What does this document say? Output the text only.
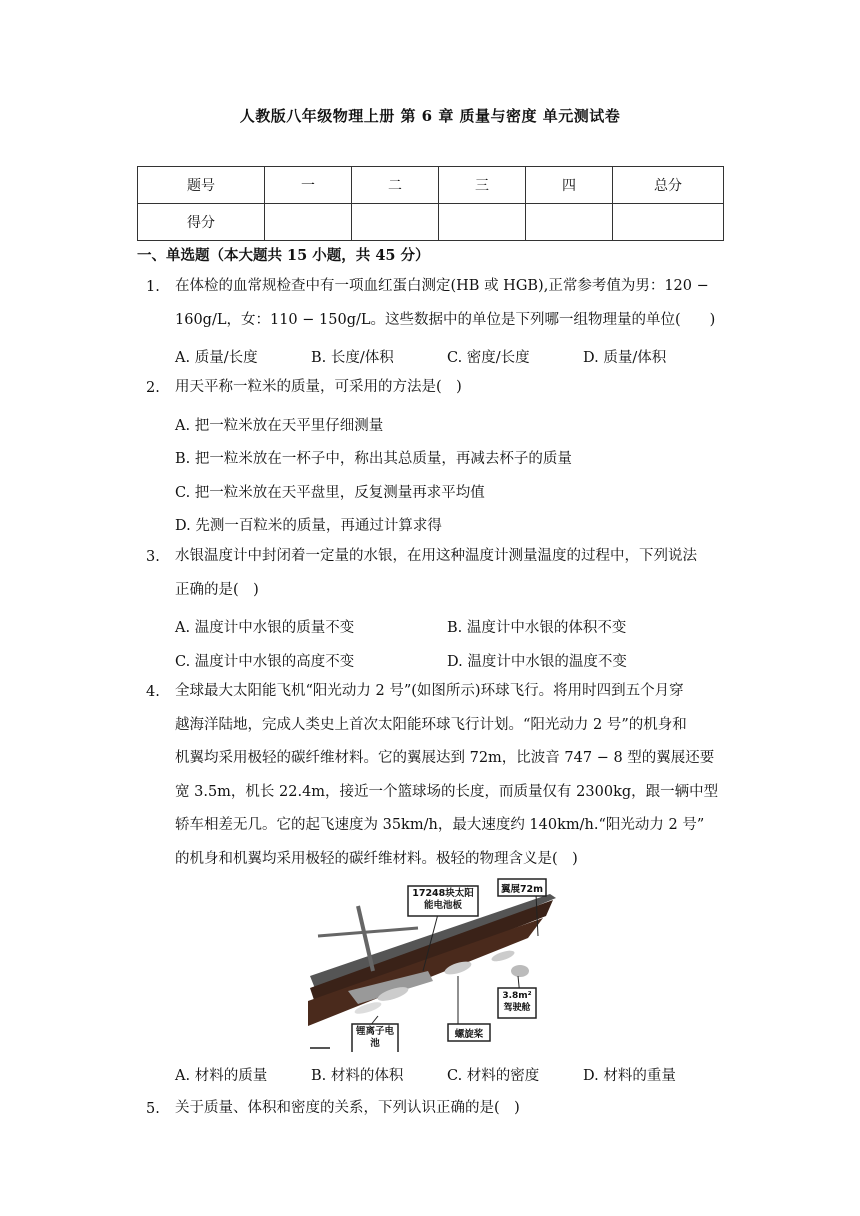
人教版八年级物理上册 第 6 章 质量与密度 单元测试卷
题号	一	二	三	四	总分
得分					
一、单选题（本大题共 15 小题，共 45 分）
1. 在体检的血常规检查中有一项血红蛋白测定(HB 或 HGB),正常参考值为男：120 −
160g/L，女：110 − 150g/L。这些数据中的单位是下列哪一组物理量的单位(　　)
A. 质量/长度	B. 长度/体积	C. 密度/长度	D. 质量/体积
2. 用天平称一粒米的质量，可采用的方法是(　)
A. 把一粒米放在天平里仔细测量
B. 把一粒米放在一杯子中，称出其总质量，再减去杯子的质量
C. 把一粒米放在天平盘里，反复测量再求平均值
D. 先测一百粒米的质量，再通过计算求得
3. 水银温度计中封闭着一定量的水银，在用这种温度计测量温度的过程中，下列说法
正确的是(　)
A. 温度计中水银的质量不变	B. 温度计中水银的体积不变
C. 温度计中水银的高度不变	D. 温度计中水银的温度不变
4. 全球最大太阳能飞机“阳光动力 2 号”(如图所示)环球飞行。将用时四到五个月穿
越海洋陆地，完成人类史上首次太阳能环球飞行计划。“阳光动力 2 号”的机身和
机翼均采用极轻的碳纤维材料。它的翼展达到 72m，比波音 747 − 8 型的翼展还要
宽 3.5m，机长 22.4m，接近一个篮球场的长度，而质量仅有 2300kg，跟一辆中型
轿车相差无几。它的起飞速度为 35km/h，最大速度约 140km/h.“阳光动力 2 号”
的机身和机翼均采用极轻的碳纤维材料。极轻的物理含义是(　)
17248块太阳能电池板
翼展72m
3.8m²驾驶舱
锂离子电池
螺旋桨
A. 材料的质量	B. 材料的体积	C. 材料的密度	D. 材料的重量
5. 关于质量、体积和密度的关系，下列认识正确的是(　)
